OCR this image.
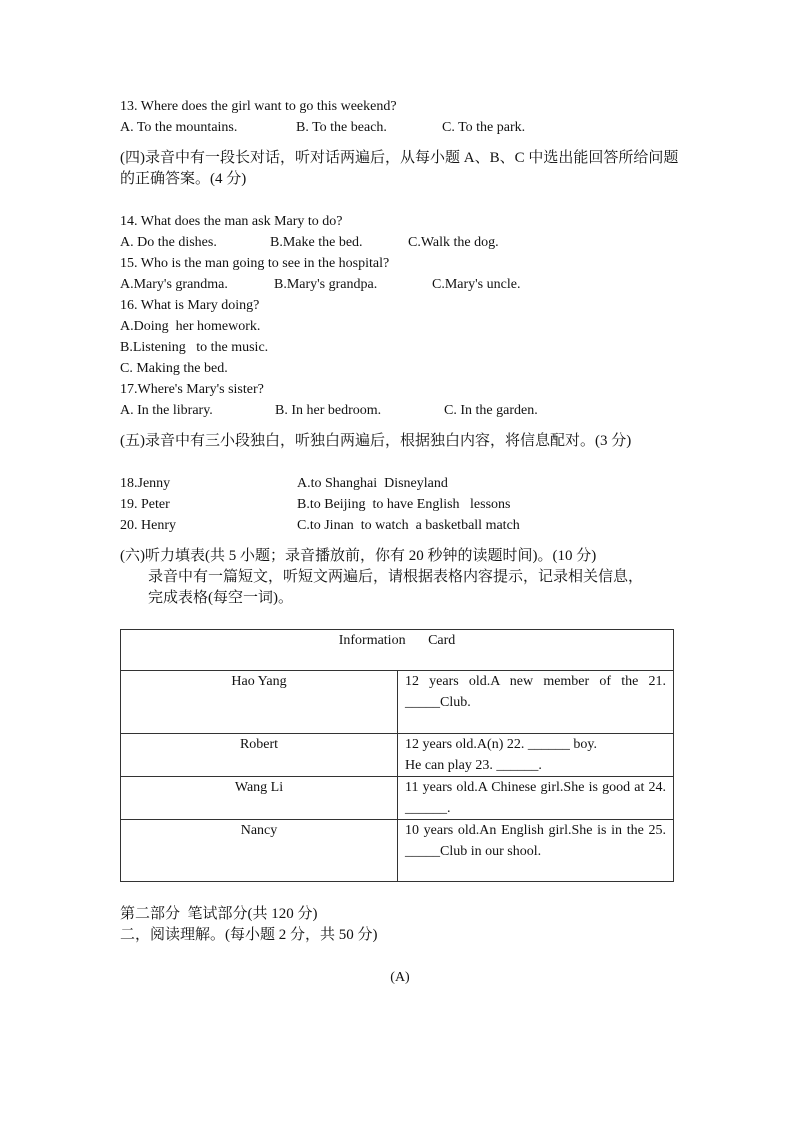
13. Where does the girl want to go this weekend?
A. To the mountains.	B. To the beach.	C. To the park.
(四)录音中有一段长对话，听对话两遍后，从每小题 A、B、C 中选出能回答所给问题的正确答案。(4 分)
14. What does the man ask Mary to do?
A. Do the dishes.	B.Make the bed.	C.Walk the dog.
15. Who is the man going to see in the hospital?
A.Mary's grandma.	B.Mary's grandpa.	C.Mary's uncle.
16. What is Mary doing?
A.Doing  her homework.
B.Listening   to the music.
C. Making the bed.
17.Where's Mary's sister?
A. In the library.	B. In her bedroom.	C. In the garden.
(五)录音中有三小段独白，听独白两遍后，根据独白内容，将信息配对。(3 分)
18.Jenny	A.to Shanghai  Disneyland
19. Peter	B.to Beijing  to have English   lessons
20. Henry	C.to Jinan  to watch  a basketball match
(六)听力填表(共 5 小题；录音播放前，你有 20 秒钟的读题时间)。(10 分)
录音中有一篇短文，听短文两遍后，请根据表格内容提示，记录相关信息，
完成表格(每空一词)。
Information   Card	
Hao Yang	12 years old.A new member of the 21. _____Club.
Robert	12 years old.A(n) 22. ______ boy.
He can play 23. ______.

Wang Li	11 years old.A Chinese girl.She is good at 24. ______.
Nancy	10 years old.An English girl.She is in the 25. _____Club in our shool.
第二部分  笔试部分(共 120 分)
二，阅读理解。(每小题 2 分，共 50 分)
(A)
